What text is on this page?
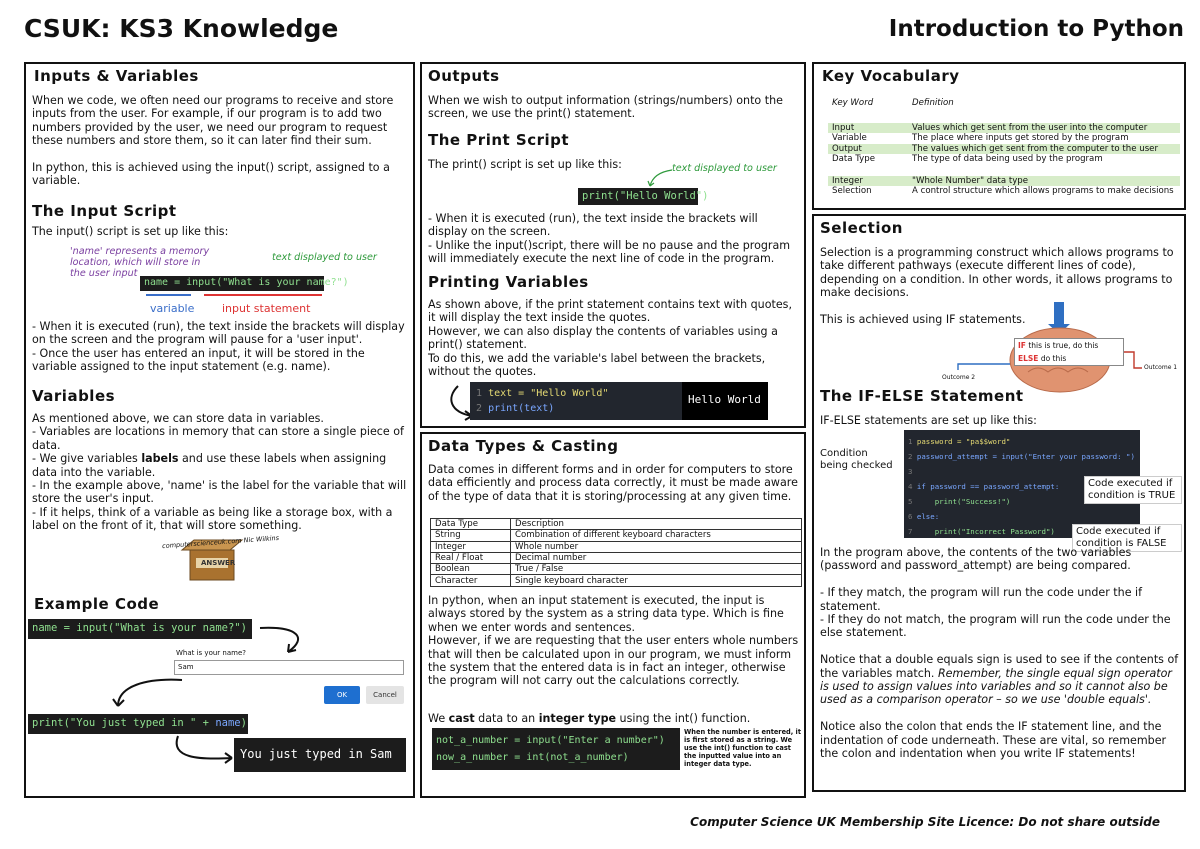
CSUK: KS3 Knowledge	Introduction to Python
Inputs & Variables
When we code, we often need our programs to receive and store inputs from the user. For example, if our program is to add two numbers provided by the user, we need our program to request these numbers and store them, so it can later find their sum.

In python, this is achieved using the input() script, assigned to a variable.
The Input Script
The input() script is set up like this:
'name' represents a memory location, which will store in the user input
text displayed to user
name = input("What is your name?")
variable	input statement
- When it is executed (run), the text inside the brackets will display on the screen and the program will pause for a 'user input'.
- Once the user has entered an input, it will be stored in the variable assigned to the input statement (e.g. name).
Variables
As mentioned above, we can store data in variables.
- Variables are locations in memory that can store a single piece of data.
- We give variables labels and use these labels when assigning data into the variable.
- In the example above, 'name' is the label for the variable that will store the user's input.
- If it helps, think of a variable as being like a storage box, with a label on the front of it, that will store something.
computerscienceuk.com Nic Wilkins
ANSWER
Example Code
name = input("What is your name?")
What is your name?
Sam
OK	Cancel
print("You just typed in " + name)
You just typed in Sam
Outputs
When we wish to output information (strings/numbers) onto the screen, we use the print() statement.
The Print Script
The print() script is set up like this:	text displayed to user
print("Hello World")
- When it is executed (run), the text inside the brackets will display on the screen.
- Unlike the input()script, there will be no pause and the program will immediately execute the next line of code in the program.
Printing Variables
As shown above, if the print statement contains text with quotes, it will display the text inside the quotes.
However, we can also display the contents of variables using a print() statement.
To do this, we add the variable's label between the brackets, without the quotes.
1 text = "Hello World"
2 print(text)
Hello World
Data Types & Casting
Data comes in different forms and in order for computers to store data efficiently and process data correctly, it must be made aware of the type of data that it is storing/processing at any given time.
Data Type	Description
String	Combination of different keyboard characters
Integer	Whole number
Real / Float	Decimal number
Boolean	True / False
Character	Single keyboard character
In python, when an input statement is executed, the input is always stored by the system as a string data type. Which is fine when we enter words and sentences.
However, if we are requesting that the user enters whole numbers that will then be calculated upon in our program, we must inform the system that the entered data is in fact an integer, otherwise the program will not carry out the calculations correctly.
We cast data to an integer type using the int() function.
not_a_number = input("Enter a number")
now_a_number = int(not_a_number)
When the number is entered, it is first stored as a string. We use the int() function to cast the inputted value into an integer data type.
Key Vocabulary
Key Word	Definition

Input	Values which get sent from the user into the computer
Variable	The place where inputs get stored by the program
Output	The values which get sent from the computer to the user
Data Type	The type of data being used by the program

Integer	"Whole Number" data type
Selection	A control structure which allows programs to make decisions
Selection
Selection is a programming construct which allows programs to take different pathways (execute different lines of code), depending on a condition. In other words, it allows programs to make decisions.

This is achieved using IF statements.
IF this is true, do this
ELSE do this
Outcome 1
Outcome 2
The IF-ELSE Statement
IF-ELSE statements are set up like this:
1 password = "pa$$word"
2 password_attempt = input("Enter your password: ")
3
4 if password == password_attempt:
5     print("Success!")
6 else:
7     print("Incorrect Password")
Condition being checked
Code executed if condition is TRUE
Code executed if condition is FALSE
In the program above, the contents of the two variables (password and password_attempt) are being compared.

- If they match, the program will run the code under the if statement.
- If they do not match, the program will run the code under the else statement.

Notice that a double equals sign is used to see if the contents of the variables match. Remember, the single equal sign operator is used to assign values into variables and so it cannot also be used as a comparison operator – so we use 'double equals'.

Notice also the colon that ends the IF statement line, and the indentation of code underneath. These are vital, so remember the colon and indentation when you write IF statements!
Computer Science UK Membership Site Licence: Do not share outside
